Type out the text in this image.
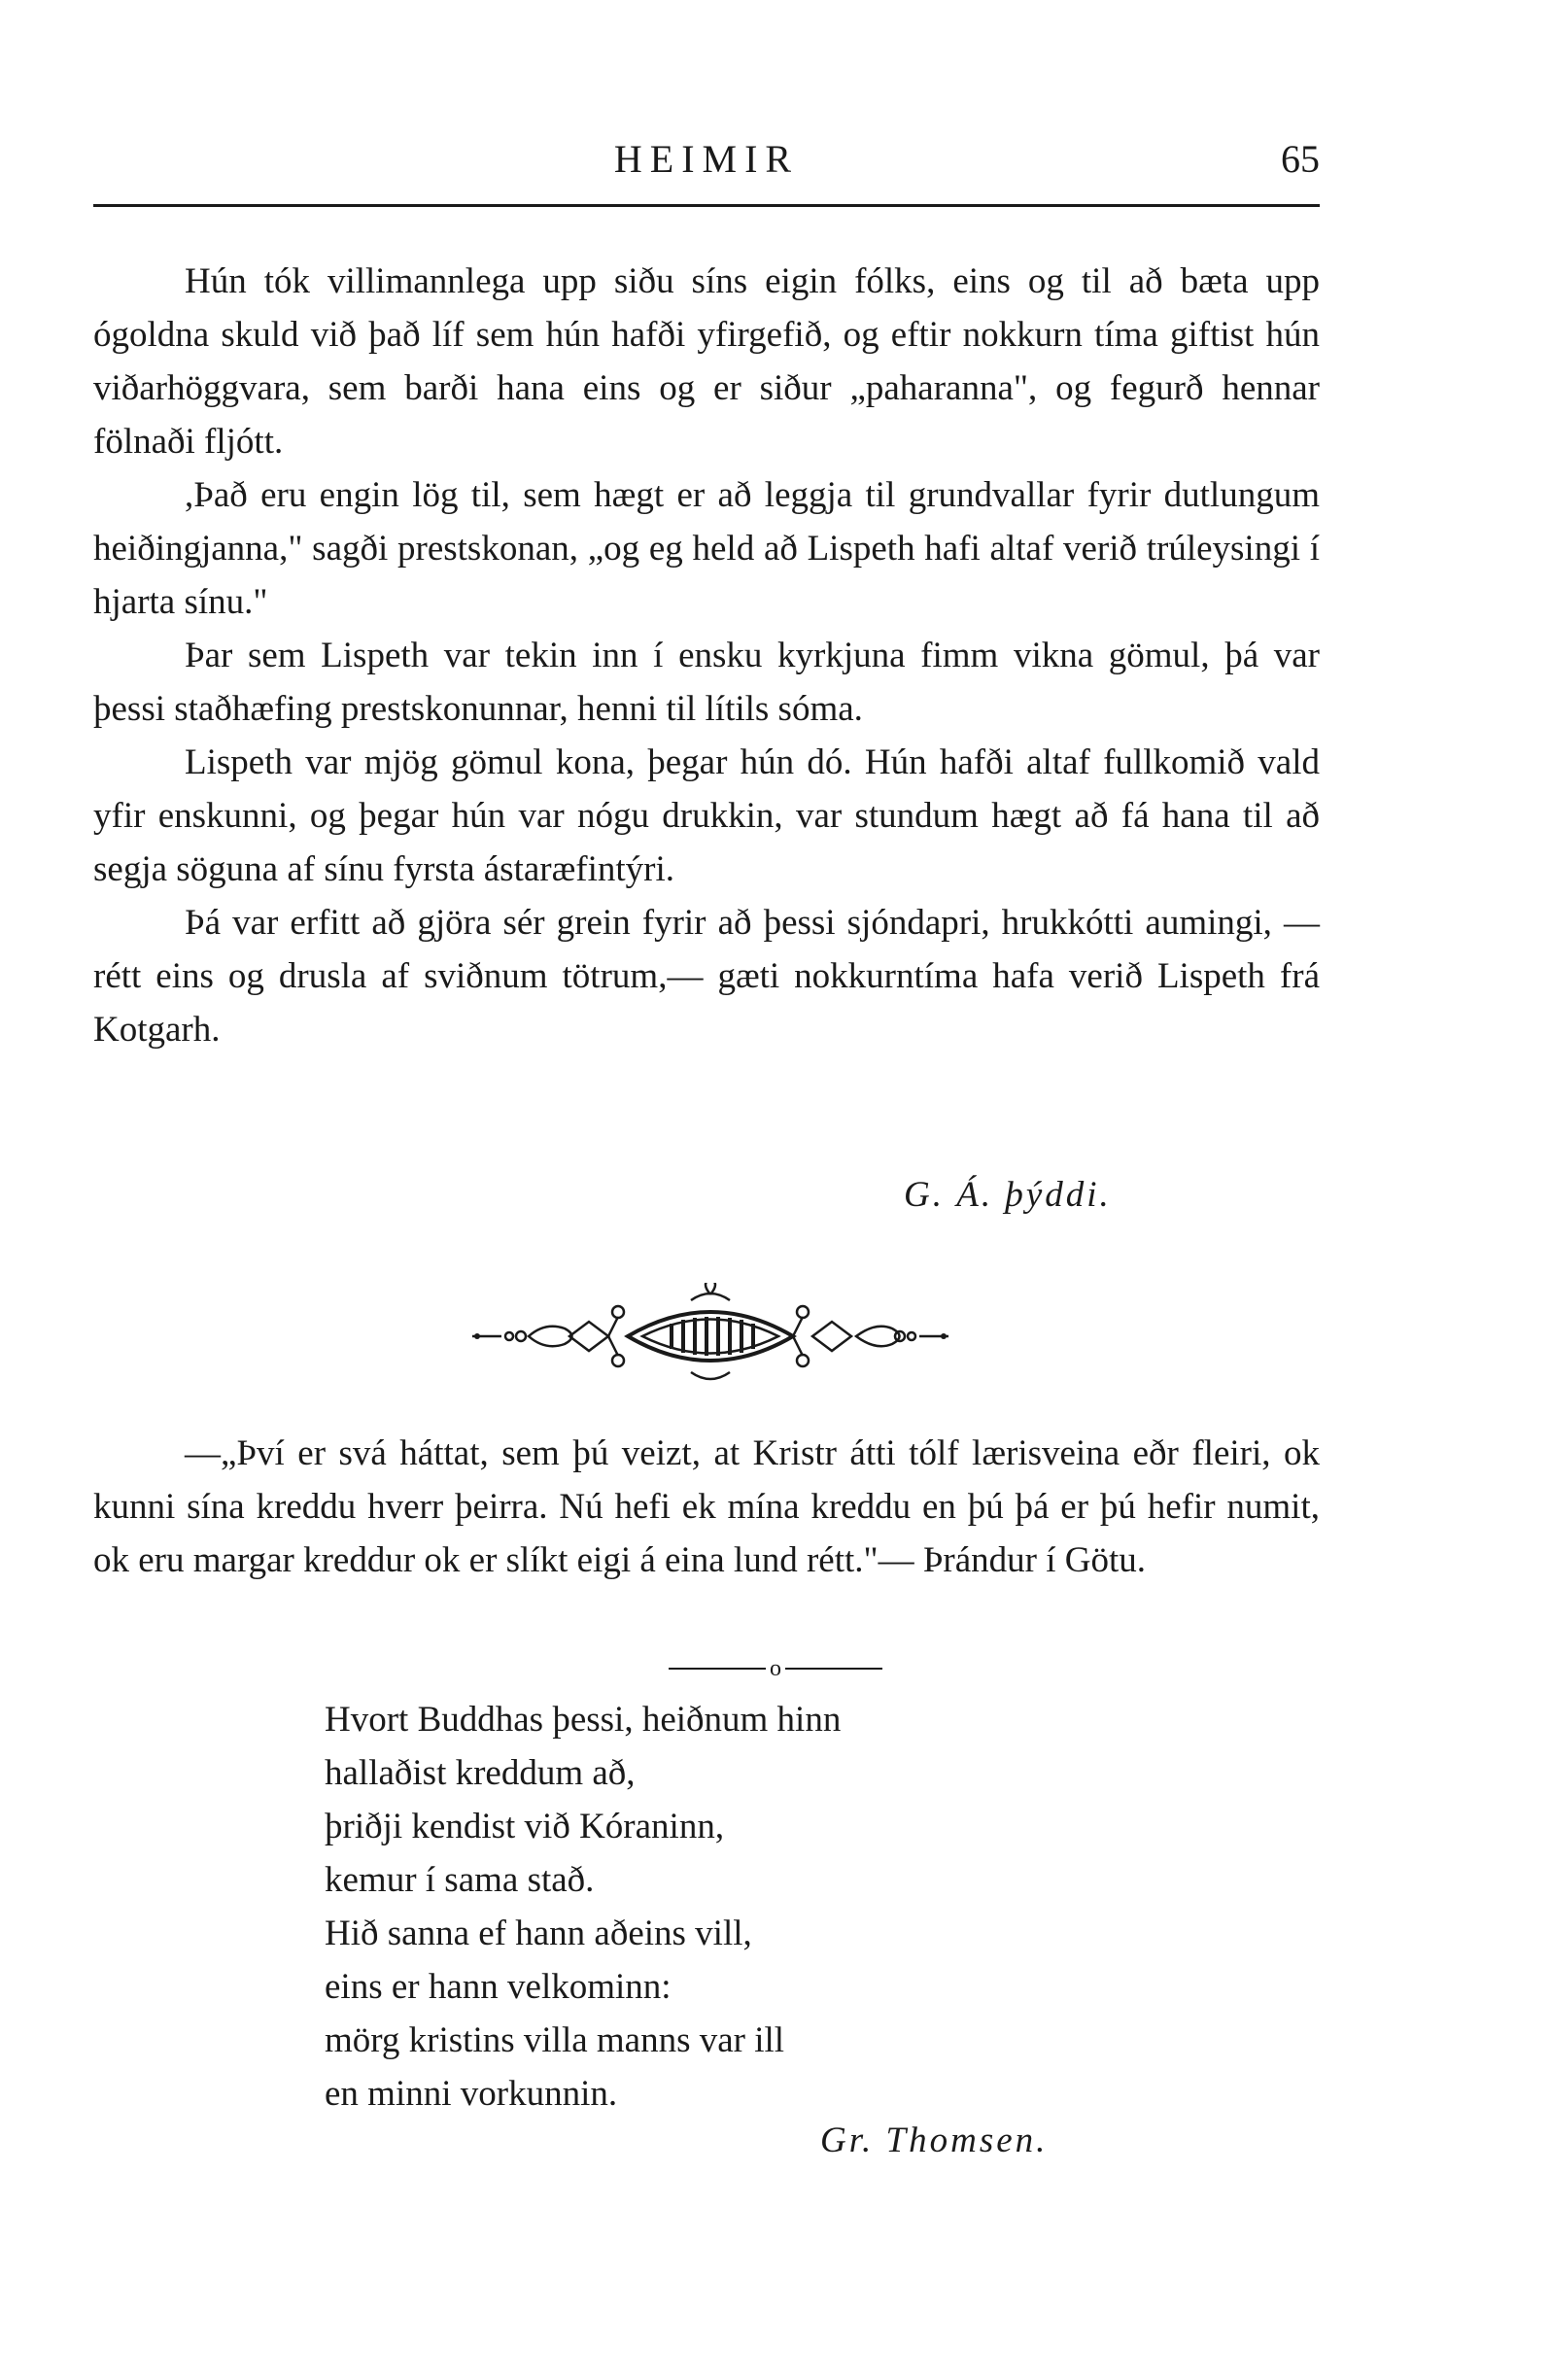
HEIMIR	65

Hún tók villimannlega upp siðu síns eigin fólks, eins og til að bæta upp ógoldna skuld við það líf sem hún hafði yfirgefið, og eftir nokkurn tíma giftist hún viðarhöggvara, sem barði hana eins og er siður „paharanna", og fegurð hennar fölnaði fljótt.

,Það eru engin lög til, sem hægt er að leggja til grundvallar fyrir dutlungum heiðingjanna," sagði prestskonan, „og eg held að Lispeth hafi altaf verið trúleysingi í hjarta sínu."

Þar sem Lispeth var tekin inn í ensku kyrkjuna fimm vikna gömul, þá var þessi staðhæfing prestskonunnar, henni til lítils sóma.

Lispeth var mjög gömul kona, þegar hún dó. Hún hafði altaf fullkomið vald yfir enskunni, og þegar hún var nógu drukkin, var stundum hægt að fá hana til að segja söguna af sínu fyrsta ástaræfintýri.

Þá var erfitt að gjöra sér grein fyrir að þessi sjóndapri, hrukkótti aumingi, —rétt eins og drusla af sviðnum tötrum,— gæti nokkurntíma hafa verið Lispeth frá Kotgarh.

G. Á. þýddi.

—„Því er svá háttat, sem þú veizt, at Kristr átti tólf lærisveina eðr fleiri, ok kunni sína kreddu hverr þeirra. Nú hefi ek mína kreddu en þú þá er þú hefir numit, ok eru margar kreddur ok er slíkt eigi á eina lund rétt."— Þrándur í Götu.

o
Hvort Buddhas þessi, heiðnum hinn
hallaðist kreddum að,
þriðji kendist við Kóraninn,
kemur í sama stað.
Hið sanna ef hann aðeins vill,
eins er hann velkominn:
mörg kristins villa manns var ill
en minni vorkunnin.
Gr. Thomsen.
